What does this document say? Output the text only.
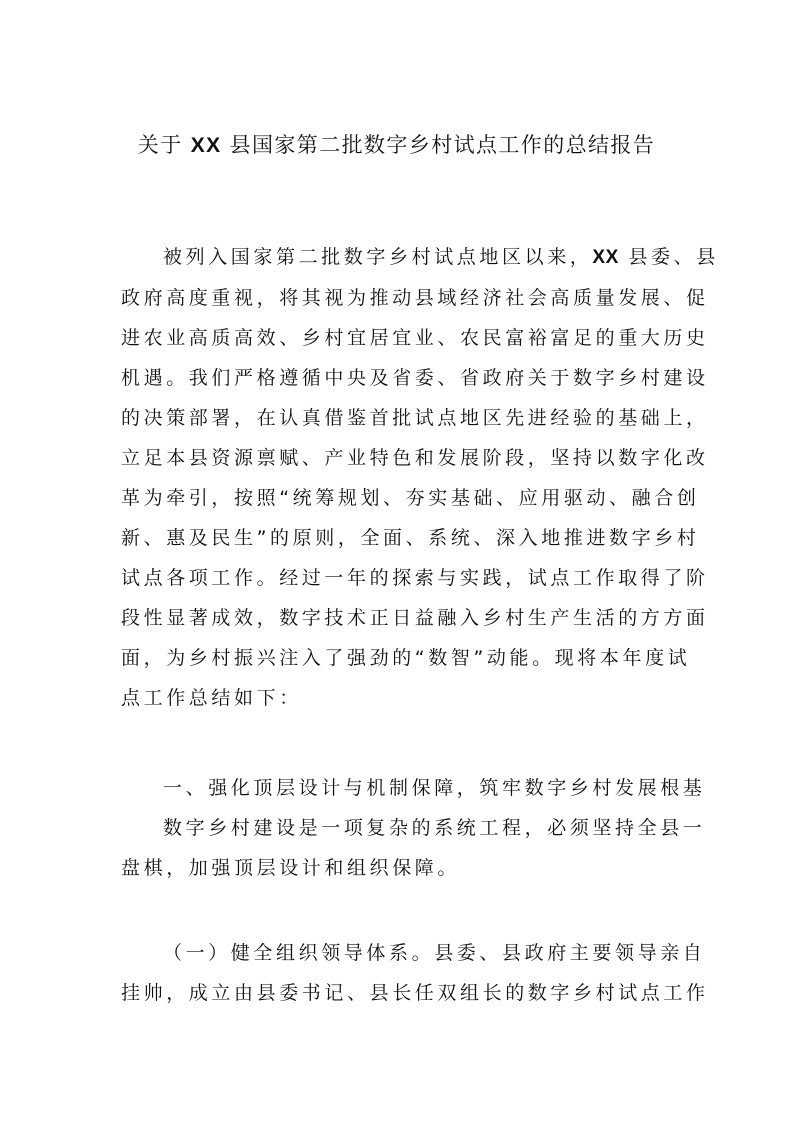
关于 XX 县国家第二批数字乡村试点工作的总结报告
被列入国家第二批数字乡村试点地区以来，XX 县委、县
政府高度重视，将其视为推动县域经济社会高质量发展、促
进农业高质高效、乡村宜居宜业、农民富裕富足的重大历史
机遇。我们严格遵循中央及省委、省政府关于数字乡村建设
的决策部署，在认真借鉴首批试点地区先进经验的基础上，
立足本县资源禀赋、产业特色和发展阶段，坚持以数字化改
革为牵引，按照“统筹规划、夯实基础、应用驱动、融合创
新、惠及民生”的原则，全面、系统、深入地推进数字乡村
试点各项工作。经过一年的探索与实践，试点工作取得了阶
段性显著成效，数字技术正日益融入乡村生产生活的方方面
面，为乡村振兴注入了强劲的“数智”动能。现将本年度试
点工作总结如下：
一、强化顶层设计与机制保障，筑牢数字乡村发展根基
数字乡村建设是一项复杂的系统工程，必须坚持全县一
盘棋，加强顶层设计和组织保障。
（一）健全组织领导体系。县委、县政府主要领导亲自
挂帅，成立由县委书记、县长任双组长的数字乡村试点工作
